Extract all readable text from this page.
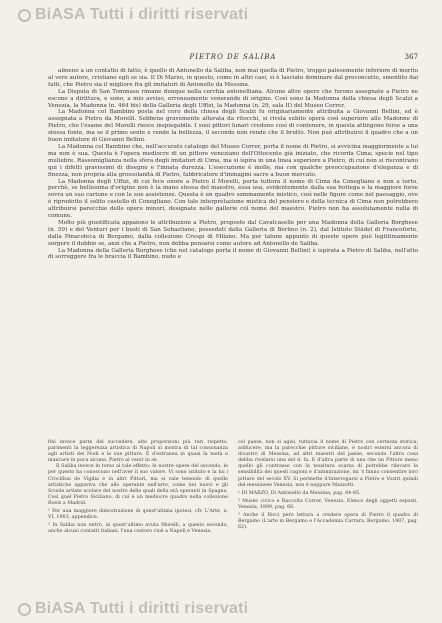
BiASA Tutti i diritti riservati
PIETRO DE SALIBA	367

almeno a un contatto di fatto, è quello di Antonello da Saliba, non mai quella di Pietro, troppo palesemente inferiore di merito al vero autore, cristiano egli se sia. Il Di Marzo, in questo, come in altri casi, si è lasciato dominare dal preconcetto, smentito dai fatti, che Pietro sia il migliore fra gli imitatori di Antonello da Messina.

La Disputa di San Tommaso rimane dunque nella cerchia antonelliana. Alcune altre opere che furono assegnate a Pietro ne escono a dirittura, e sono, a mio avviso, erroneamente venerande di origine. Così sono la Madonna della chiesa degli Scalzi a Venezia, la Madonna (n. 464 bis) della Galleria degli Uffizi, la Madonna (n. 29, sala II) del Museo Correr.

La Madonna col Bambino posta nel coro della chiesa degli Scalzi fu originariamente attribuita a Giovanni Bellini, ed è assegnata a Pietro da Morelli. Sebbene gravemente alterata da ritocchi, si rivela subito opera così superiore alle Madonne di Pietro, che l'esame del Morelli riesce inspiegabile. I suoi pittori lunari credono così di contenere, in questa attingono forse a una stessa fonte, ma se il primo sente e rende la bellezza, il secondo non rende che il brutto. Non può attribuirsi il quadro che a un buon imitatore di Giovanni Bellini.

La Madonna col Bambino che, nell'accurato catalogo del Museo Correr, porta il nome di Pietro, si avvicina maggiormente a lui ma non è sua. Questa è l'opera mediocre di un pittore veneziano dell'Ottocento già iniziato, che ricorda Cima; specie nel tipo muliebre. Rassomiglianza nella sfera degli imitatori di Cima, ma si ispira in una linea superiore a Pietro, di cui non si riscontrano qui i difetti gravissimi di disegno e l'innata durezza. L'esecuzione è molle, ma con qualche preoccupazione d'eleganza e di finezza, non propria alla grossolanità di Pietro, fabbricatore d'immagini sacre a buon mercato.

La Madonna degli Uffizi, di cui fece onore a Pietro il Morelli, porta tuttora il nome di Cima da Conegliano e non a torto, perchè, se bellissima d'origine non è la mano stessa del maestro, essa usa, evidentemente dalla sua bottega e la maggiore forse sovra un suo cartone e con le sue assistenze. Questa è un quadro sommamente mistico, così nelle figure come nel paesaggio, ove è riprodotto il solito castello di Conegliano. Con tale interpretazione mistica del pensiero e della tecnica di Cima non potrebbero attribuirsi parecchie delle opere minori, designate nelle gallerie col nome del maestro. Pietro non ha assolutamente nulla di comune.

Molto più giustificata appaiono le attribuzioni a Pietro, proposte dal Cavalcaselle per una Madonna della Galleria Borghese (n. 59) e del Venturi per i busti di San Sebastiano, posseduti dalla Galleria di Berlino (n. 2), dal Istituto Städel di Francoforte, dalla Pinacoteca di Bergamo, dalla collezione Crespi di Milano. Ma per talune appunto di queste opere può legittimamente sorgere il dubbio se, anzi che a Pietro, non debba pensarsi come autore ad Antonello de Saliba.

La Madonna della Galleria Borghese (che nel catalogo porta il nome di Giovanni Bellini) è ispirata a Pietro di Saliba, nell'atto di sorreggere fra le braccia il Bambino, nudo e

fini invece parte del succedere, alte proporzioni più rari rispetto; parimenti la leggerezza artistica di Napoli si mostra di tal consonanza agli artisti dei Nodi e le sue pitture. È d'estranea in quasi la metà e mancare in poca alcune, Pietro al venir in sè.

Il Saliba invece in torso al tale effetto: le nostre opere del secondo, le per questo ha conosciuto nell'aver il suo valore. Vi sono istituto e la lui i Crocifissi de Vigilia e in altri Pittori, ma si vale tenendo di quelle artistiche appariva che allo operante nell'arte, come nei nuovi e gli Scuole artiste scolare del nostro delle quali della età operanti in Spagna. Così quel Pietro Siciliano, di cui è un mediocre quadro nella collezione Roels a Madrid.

¹ Per una maggiore dimostrazione di quest'ultima ipotesi, cfr. L'Arte, a. VI, 1903, appendice.

² In Saliba non entrò, in quest'ultimo avuta Morelli, a questo secondo, anche alcuni contatti italiani, l'una costoro cioè a Napoli e Venezia.

col paese, non si agisi, tuttavia il nome di Pietro con certezza storica; adducere, ma la parecchie pitture siciliane, è nostri esterni ancora di dicastro di Messina, ad altri maestri del paese, secondo l'altra cosa debba rivelarsi una del d. fa. E d'altra parte di una che un Pittore meno quello gli contrasse con la tessitura scarsa di potrebbe rilevare la sensibilità dei questi ragioni e d'ammirazione, mi 's fanno consentire loro pitture del secolo XV. Si permette d'interrogarsi a Pietro e Vostri quindi del messinese Venezia, non è neppure Mazzotti.

¹ DI MARZO, Di Antonello da Messina, pag. 84-85.

² Museo civico e Raccolta Correr, Venezia. Elenco degli oggetti esposti, Venezia, 1899, pag. 66.

³ Anche il Ricci pero lettura a credere opera di Pietro il quadro di Bergamo (L'arte in Bergamo e l'Accademia Carrara, Bergamo, 1907, pag. 62).

BiASA Tutti i diritti riservati
